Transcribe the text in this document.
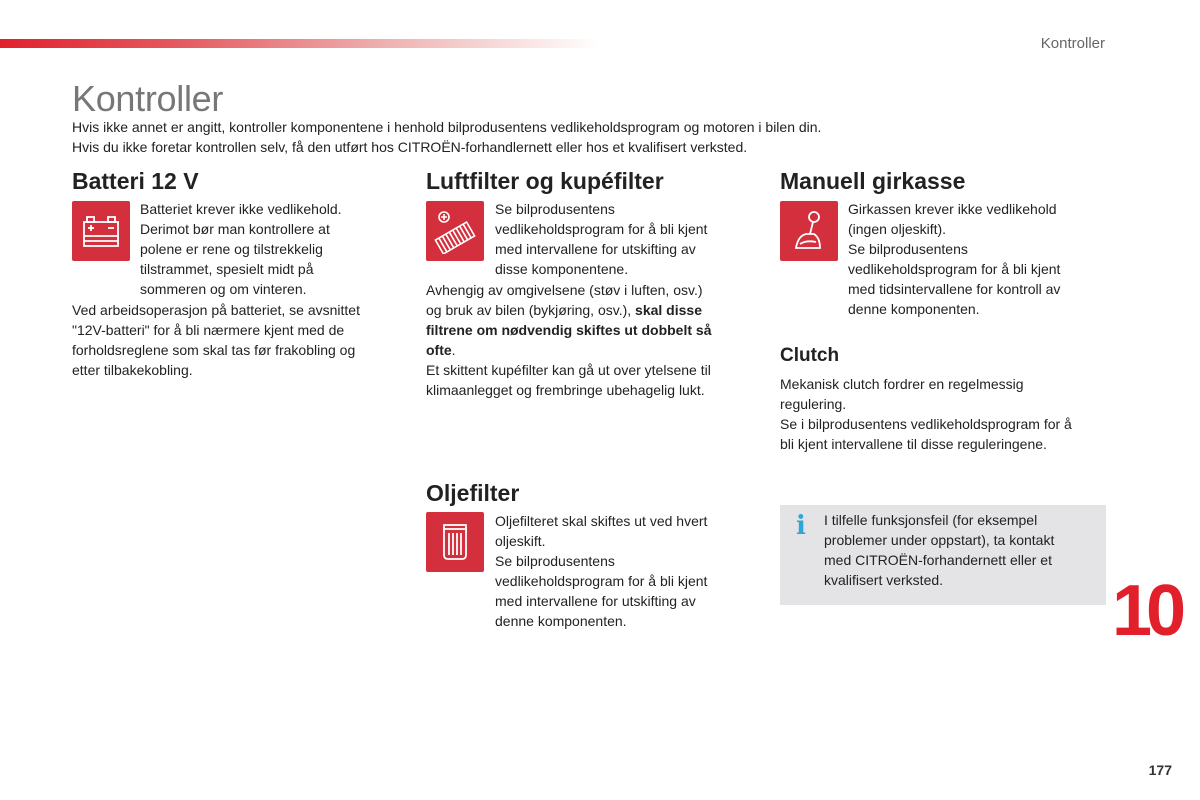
Kontroller
Kontroller

Hvis ikke annet er angitt, kontroller komponentene i henhold bilprodusentens vedlikeholdsprogram og motoren i bilen din.

Hvis du ikke foretar kontrollen selv, få den utført hos CITROËN-forhandlernett eller hos et kvalifisert verksted.

Batteri 12 V
Batteriet krever ikke vedlikehold.
Derimot bør man kontrollere at
polene er rene og tilstrekkelig
tilstrammet, spesielt midt på
sommeren og om vinteren.
Ved arbeidsoperasjon på batteriet, se avsnittet
"12V-batteri" for å bli nærmere kjent med de
forholdsreglene som skal tas før frakobling og
etter tilbakekobling.
Luftfilter og kupéfilter
Se bilprodusentens
vedlikeholdsprogram for å bli kjent
med intervallene for utskifting av
disse komponentene.
Avhengig av omgivelsene (støv i luften, osv.)
og bruk av bilen (bykjøring, osv.), skal disse
filtrene om nødvendig skiftes ut dobbelt så
ofte.
Et skittent kupéfilter kan gå ut over ytelsene til
klimaanlegget og frembringe ubehagelig lukt.
Oljefilter
Oljefilteret skal skiftes ut ved hvert
oljeskift.
Se bilprodusentens
vedlikeholdsprogram for å bli kjent
med intervallene for utskifting av
denne komponenten.
Manuell girkasse
Girkassen krever ikke vedlikehold
(ingen oljeskift).
Se bilprodusentens
vedlikeholdsprogram for å bli kjent
med tidsintervallene for kontroll av
denne komponenten.
Clutch
Mekanisk clutch fordrer en regelmessig
regulering.
Se i bilprodusentens vedlikeholdsprogram for å
bli kjent intervallene til disse reguleringene.
i I tilfelle funksjonsfeil (for eksempel
problemer under oppstart), ta kontakt
med CITROËN-forhandernett eller et
kvalifisert verksted.	10
177
